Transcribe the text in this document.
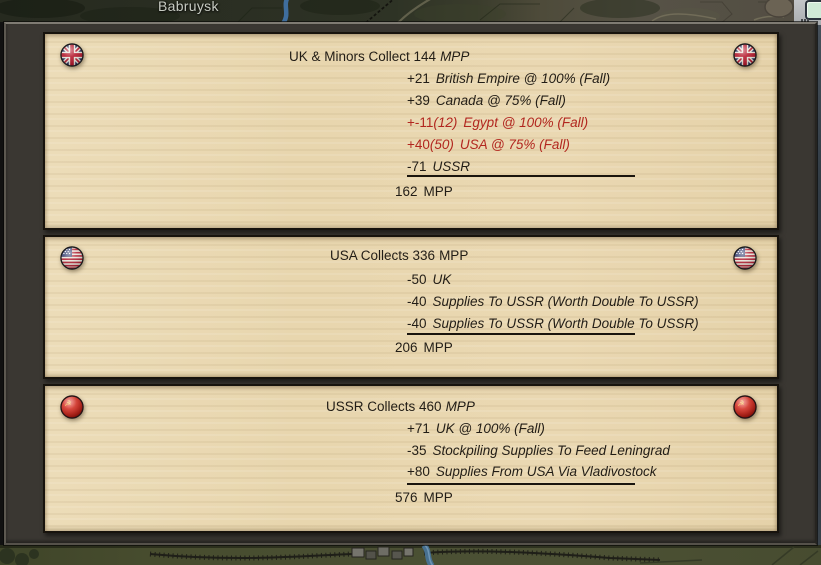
Babruysk
UK & Minors Collect 144 MPP
+21 British Empire @ 100% (Fall)
+39 Canada @ 75% (Fall)
+-11(12) Egypt @ 100% (Fall)
+40(50) USA @ 75% (Fall)
-71 USSR
162 MPP
USA Collects 336 MPP
-50 UK
-40 Supplies To USSR (Worth Double To USSR)
-40 Supplies To USSR (Worth Double To USSR)
206 MPP
USSR Collects 460 MPP
+71 UK @ 100% (Fall)
-35 Stockpiling Supplies To Feed Leningrad
+80 Supplies From USA Via Vladivostock
576 MPP
